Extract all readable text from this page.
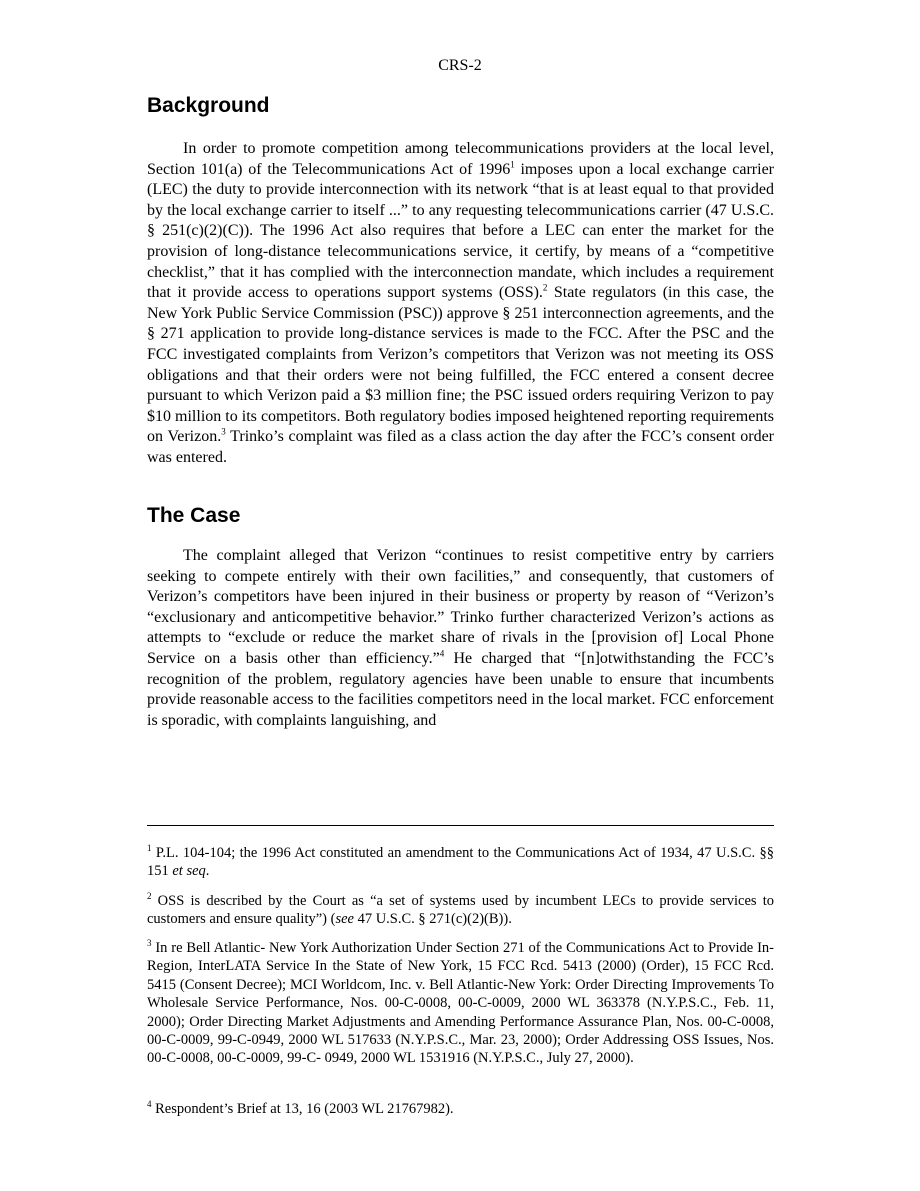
CRS-2
Background

In order to promote competition among telecommunications providers at the local level, Section 101(a) of the Telecommunications Act of 1996$^1$ imposes upon a local exchange carrier (LEC) the duty to provide interconnection with its network “that is at least equal to that provided by the local exchange carrier to itself ...” to any requesting telecommunications carrier (47 U.S.C. § 251(c)(2)(C)). The 1996 Act also requires that before a LEC can enter the market for the provision of long-distance telecommunications service, it certify, by means of a “competitive checklist,” that it has complied with the interconnection mandate, which includes a requirement that it provide access to operations support systems (OSS).$^2$ State regulators (in this case, the New York Public Service Commission (PSC)) approve § 251 interconnection agreements, and the § 271 application to provide long-distance services is made to the FCC. After the PSC and the FCC investigated complaints from Verizon’s competitors that Verizon was not meeting its OSS obligations and that their orders were not being fulfilled, the FCC entered a consent decree pursuant to which Verizon paid a $3 million fine; the PSC issued orders requiring Verizon to pay $10 million to its competitors. Both regulatory bodies imposed heightened reporting requirements on Verizon.$^3$ Trinko’s complaint was filed as a class action the day after the FCC’s consent order was entered.

The Case

The complaint alleged that Verizon “continues to resist competitive entry by carriers seeking to compete entirely with their own facilities,” and consequently, that customers of Verizon’s competitors have been injured in their business or property by reason of “Verizon’s “exclusionary and anticompetitive behavior.” Trinko further characterized Verizon’s actions as attempts to “exclude or reduce the market share of rivals in the [provision of] Local Phone Service on a basis other than efficiency.”$^4$ He charged that “[n]otwithstanding the FCC’s recognition of the problem, regulatory agencies have been unable to ensure that incumbents provide reasonable access to the facilities competitors need in the local market. FCC enforcement is sporadic, with complaints languishing, and

$^1$ P.L. 104-104; the 1996 Act constituted an amendment to the Communications Act of 1934, 47 U.S.C. §§ 151 et seq.

$^2$ OSS is described by the Court as “a set of systems used by incumbent LECs to provide services to customers and ensure quality”) (see 47 U.S.C. § 271(c)(2)(B)).

$^3$ In re Bell Atlantic- New York Authorization Under Section 271 of the Communications Act to Provide In-Region, InterLATA Service In the State of New York, 15 FCC Rcd. 5413 (2000) (Order), 15 FCC Rcd. 5415 (Consent Decree); MCI Worldcom, Inc. v. Bell Atlantic-New York: Order Directing Improvements To Wholesale Service Performance, Nos. 00-C-0008, 00-C-0009, 2000 WL 363378 (N.Y.P.S.C., Feb. 11, 2000); Order Directing Market Adjustments and Amending Performance Assurance Plan, Nos. 00-C-0008, 00-C-0009, 99-C-0949, 2000 WL 517633 (N.Y.P.S.C., Mar. 23, 2000); Order Addressing OSS Issues, Nos. 00-C-0008, 00-C-0009, 99-C- 0949, 2000 WL 1531916 (N.Y.P.S.C., July 27, 2000).

$^4$ Respondent’s Brief at 13, 16 (2003 WL 21767982).
